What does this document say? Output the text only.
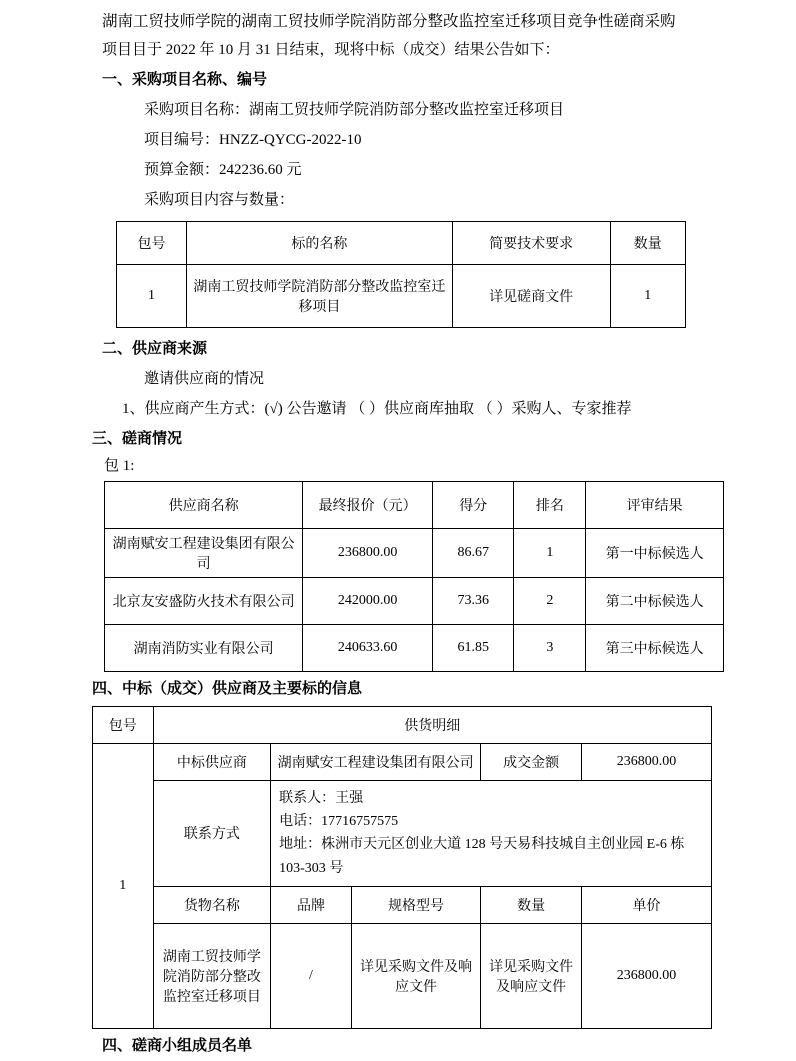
湖南工贸技师学院的湖南工贸技师学院消防部分整改监控室迁移项目竞争性磋商采购
项目目于 2022 年 10 月 31 日结束，现将中标（成交）结果公告如下：
一、采购项目名称、编号
采购项目名称：湖南工贸技师学院消防部分整改监控室迁移项目
项目编号：HNZZ-QYCG-2022-10
预算金额：242236.60 元
采购项目内容与数量：
包号	标的名称	简要技术要求	数量
1	湖南工贸技师学院消防部分整改监控室迁移项目	详见磋商文件	1
二、供应商来源
邀请供应商的情况
1、供应商产生方式：(√) 公告邀请 （ ）供应商库抽取 （ ）采购人、专家推荐
三、磋商情况
包 1:
供应商名称	最终报价（元）	得分	排名	评审结果
湖南赋安工程建设集团有限公司	236800.00	86.67	1	第一中标候选人
北京友安盛防火技术有限公司	242000.00	73.36	2	第二中标候选人
湖南消防实业有限公司	240633.60	61.85	3	第三中标候选人
四、中标（成交）供应商及主要标的信息
包号	供货明细				
1	中标供应商	湖南赋安工程建设集团有限公司		成交金额	236800.00
	联系方式	联系人：王强
电话：17716757575
地址：株洲市天元区创业大道 128 号天易科技城自主创业园 E-6 栋 103-303 号			

	货物名称	品牌	规格型号	数量	单价
	湖南工贸技师学院消防部分整改监控室迁移项目	/	详见采购文件及响应文件	详见采购文件及响应文件	236800.00
四、磋商小组成员名单
